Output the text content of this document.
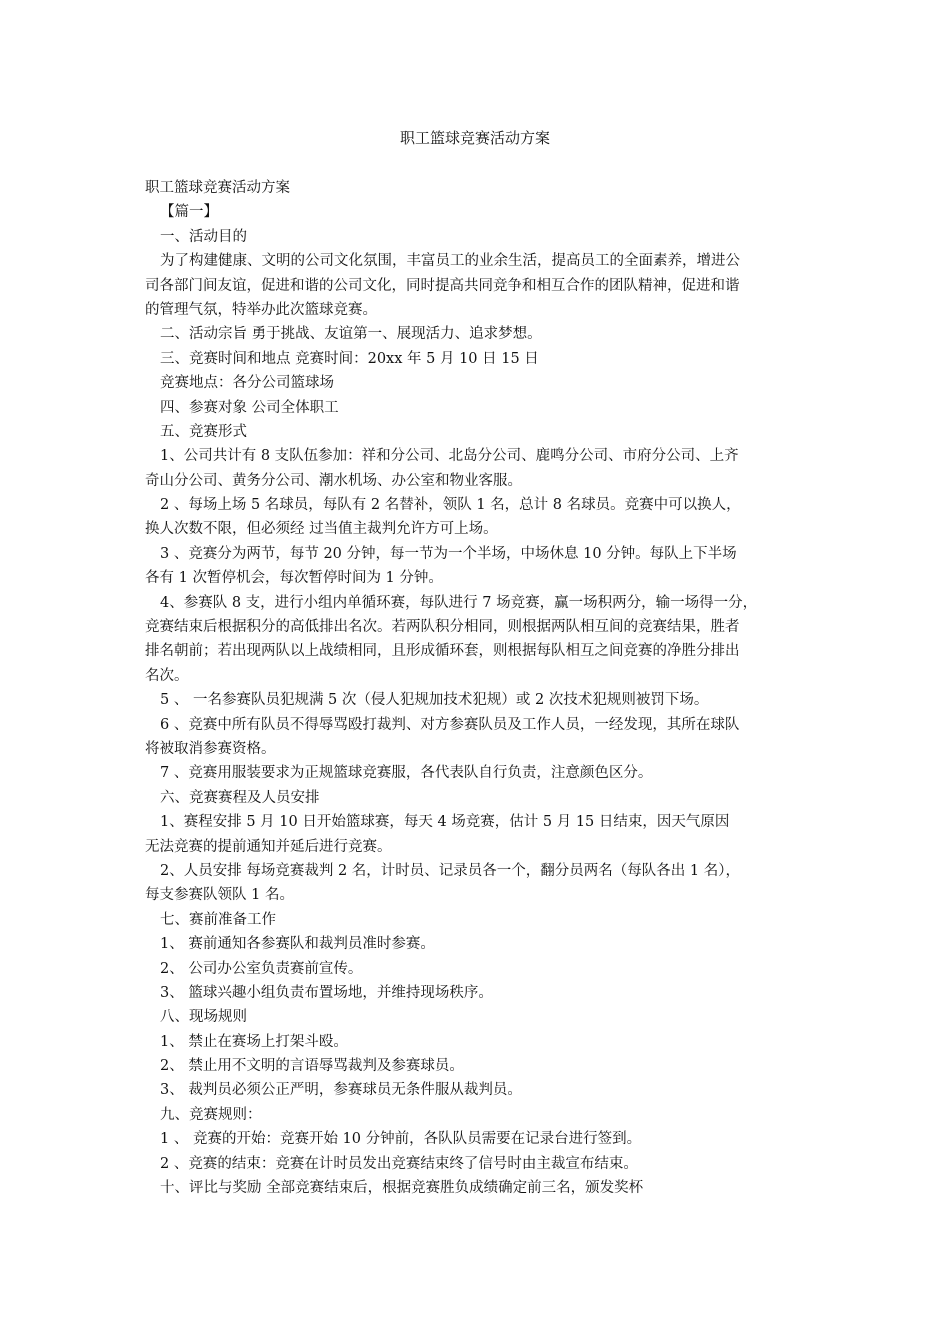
职工篮球竞赛活动方案
职工篮球竞赛活动方案
【篇一】
一、活动目的
为了构建健康、文明的公司文化氛围，丰富员工的业余生活，提高员工的全面素养，增进公
司各部门间友谊，促进和谐的公司文化，同时提高共同竞争和相互合作的团队精神，促进和谐
的管理气氛，特举办此次篮球竞赛。
二、活动宗旨 勇于挑战、友谊第一、展现活力、追求梦想。
三、竞赛时间和地点 竞赛时间：20xx 年 5 月 10 日 15 日
竞赛地点：各分公司篮球场
四、参赛对象 公司全体职工
五、竞赛形式
1、公司共计有 8 支队伍参加：祥和分公司、北岛分公司、鹿鸣分公司、市府分公司、上齐
奇山分公司、黄务分公司、潮水机场、办公室和物业客服。
2 、每场上场 5 名球员，每队有 2 名替补，领队 1 名，总计 8 名球员。竞赛中可以换人，
换人次数不限，但必须经 过当值主裁判允许方可上场。
3 、竞赛分为两节，每节 20 分钟，每一节为一个半场，中场休息 10 分钟。每队上下半场
各有 1 次暂停机会，每次暂停时间为 1 分钟。
4、参赛队 8 支，进行小组内单循环赛，每队进行 7 场竞赛，赢一场积两分，输一场得一分，
竞赛结束后根据积分的高低排出名次。若两队积分相同，则根据两队相互间的竞赛结果，胜者
排名朝前；若出现两队以上战绩相同，且形成循环套，则根据每队相互之间竞赛的净胜分排出
名次。
5 、 一名参赛队员犯规满 5 次（侵人犯规加技术犯规）或 2 次技术犯规则被罚下场。
6 、竞赛中所有队员不得辱骂殴打裁判、对方参赛队员及工作人员，一经发现，其所在球队
将被取消参赛资格。
7 、竞赛用服装要求为正规篮球竞赛服，各代表队自行负责，注意颜色区分。
六、竞赛赛程及人员安排
1、赛程安排 5 月 10 日开始篮球赛，每天 4 场竞赛，估计 5 月 15 日结束，因天气原因
无法竞赛的提前通知并延后进行竞赛。
2、人员安排 每场竞赛裁判 2 名，计时员、记录员各一个，翻分员两名（每队各出 1 名），
每支参赛队领队 1 名。
七、赛前准备工作
1、 赛前通知各参赛队和裁判员准时参赛。
2、 公司办公室负责赛前宣传。
3、 篮球兴趣小组负责布置场地，并维持现场秩序。
八、现场规则
1、 禁止在赛场上打架斗殴。
2、 禁止用不文明的言语辱骂裁判及参赛球员。
3、 裁判员必须公正严明，参赛球员无条件服从裁判员。
九、竞赛规则：
1 、 竞赛的开始：竞赛开始 10 分钟前，各队队员需要在记录台进行签到。
2 、竞赛的结束：竞赛在计时员发出竞赛结束终了信号时由主裁宣布结束。
十、评比与奖励 全部竞赛结束后，根据竞赛胜负成绩确定前三名，颁发奖杯
